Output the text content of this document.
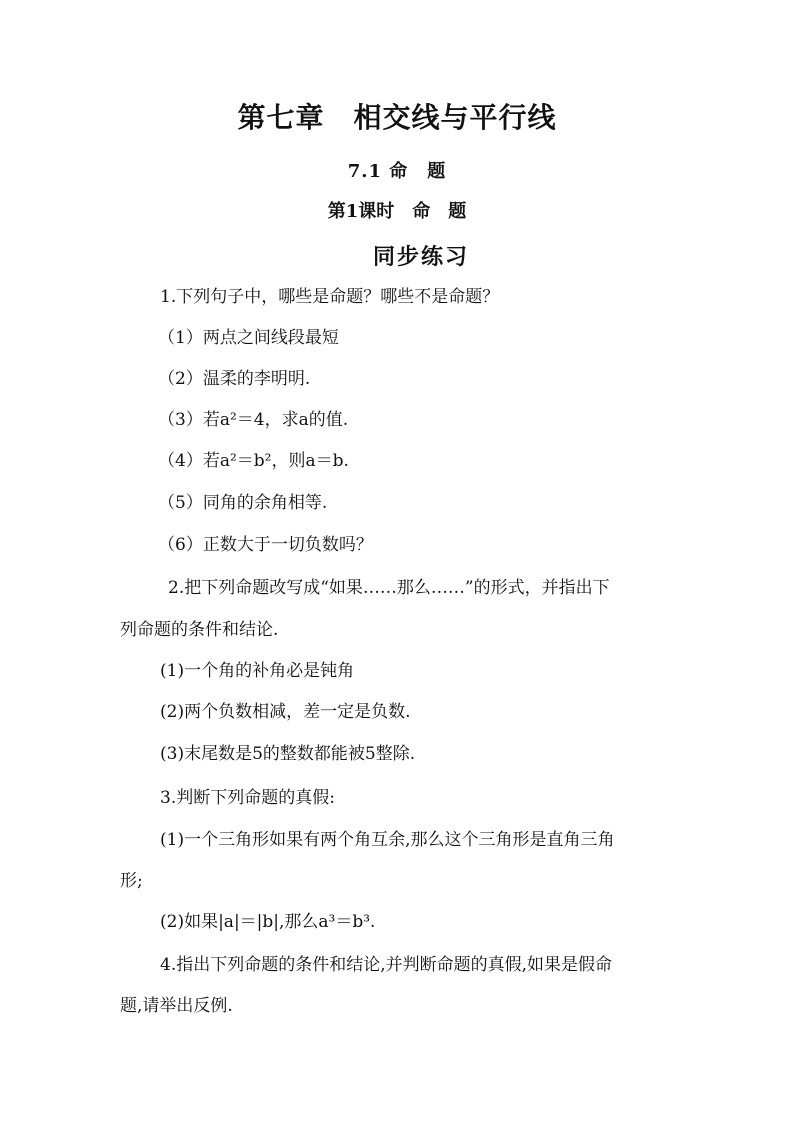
第七章　相交线与平行线
7.1 命　题
第1课时　命　题
同步练习
1.下列句子中，哪些是命题？哪些不是命题？
（1）两点之间线段最短
（2）温柔的李明明.
（3）若a²＝4，求a的值.
（4）若a²＝b²，则a＝b.
（5）同角的余角相等.
（6）正数大于一切负数吗？
2.把下列命题改写成“如果……那么……”的形式，并指出下
列命题的条件和结论.
(1)一个角的补角必是钝角
(2)两个负数相减，差一定是负数.
(3)末尾数是5的整数都能被5整除.
3.判断下列命题的真假:
(1)一个三角形如果有两个角互余,那么这个三角形是直角三角
形;
(2)如果|a|＝|b|,那么a³＝b³.
4.指出下列命题的条件和结论,并判断命题的真假,如果是假命
题,请举出反例.
